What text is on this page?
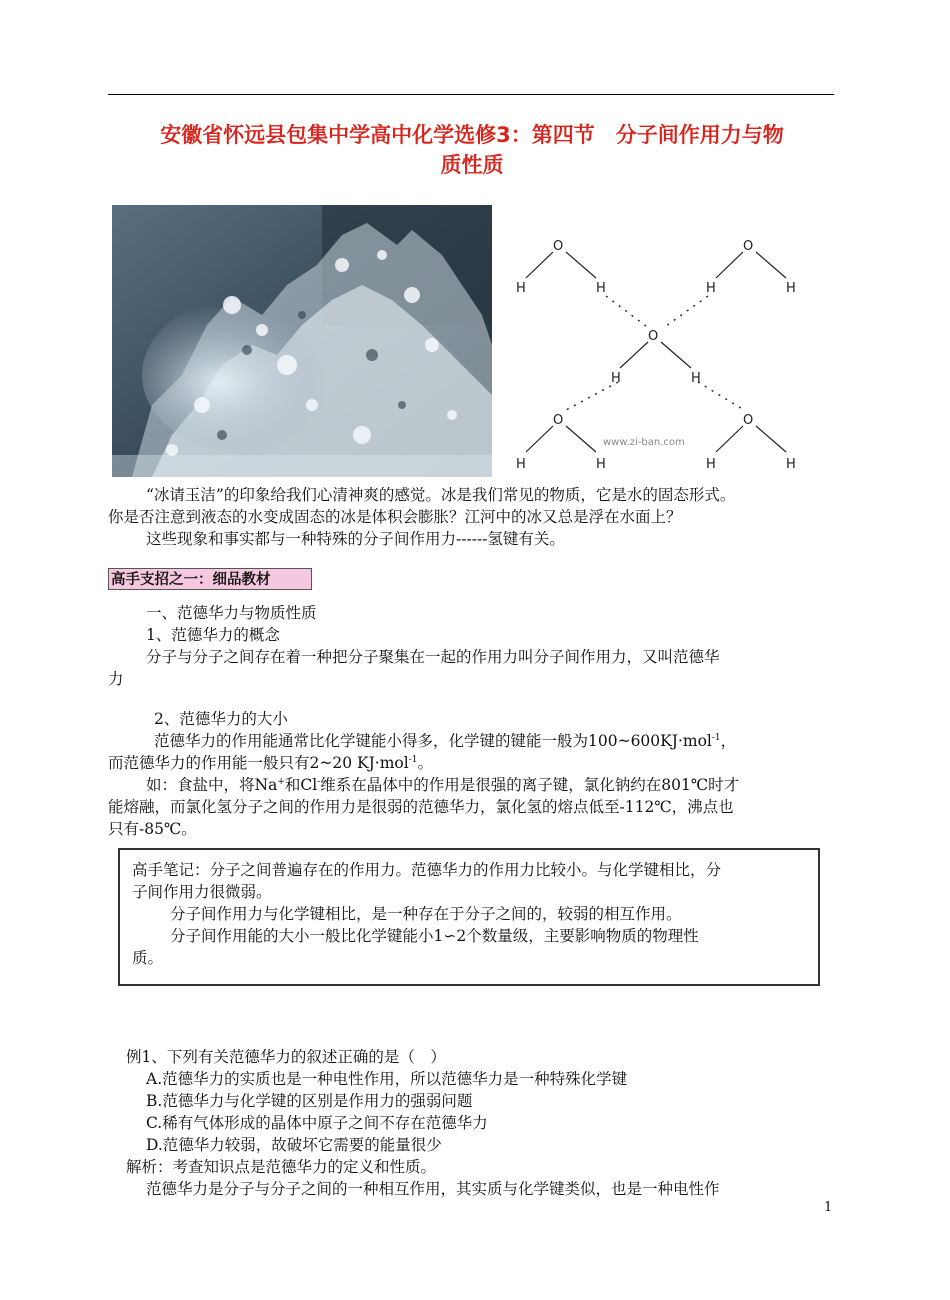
安徽省怀远县包集中学高中化学选修3：第四节　分子间作用力与物
质性质
O
H	H
O
H	H
O
H	H
O
H	H
O
H	H
www.zi-ban.com
“冰请玉洁”的印象给我们心清神爽的感觉。冰是我们常见的物质，它是水的固态形式。
你是否注意到液态的水变成固态的冰是体积会膨胀？江河中的冰又总是浮在水面上？
这些现象和事实都与一种特殊的分子间作用力------氢键有关。
高手支招之一：细品教材
一、范德华力与物质性质
1、范德华力的概念
分子与分子之间存在着一种把分子聚集在一起的作用力叫分子间作用力，又叫范德华
力
2、范德华力的大小
范德华力的作用能通常比化学键能小得多，化学键的键能一般为100~600KJ·mol$^{-1}$，
而范德华力的作用能一般只有2~20 KJ·mol$^{-1}$。
如：食盐中，将Na+和Cl-维系在晶体中的作用是很强的离子键，氯化钠约在801℃时才
能熔融，而氯化氢分子之间的作用力是很弱的范德华力，氯化氢的熔点低至-112℃，沸点也
只有-85℃。
高手笔记：分子之间普遍存在的作用力。范德华力的作用力比较小。与化学键相比，分
子间作用力很微弱。
分子间作用力与化学键相比，是一种存在于分子之间的，较弱的相互作用。
分子间作用能的大小一般比化学键能小1∽2个数量级，主要影响物质的物理性
质。
例1、下列有关范德华力的叙述正确的是（　）
A.范德华力的实质也是一种电性作用，所以范德华力是一种特殊化学键
B.范德华力与化学键的区别是作用力的强弱问题
C.稀有气体形成的晶体中原子之间不存在范德华力
D.范德华力较弱，故破坏它需要的能量很少
解析：考查知识点是范德华力的定义和性质。
范德华力是分子与分子之间的一种相互作用，其实质与化学键类似，也是一种电性作
1
